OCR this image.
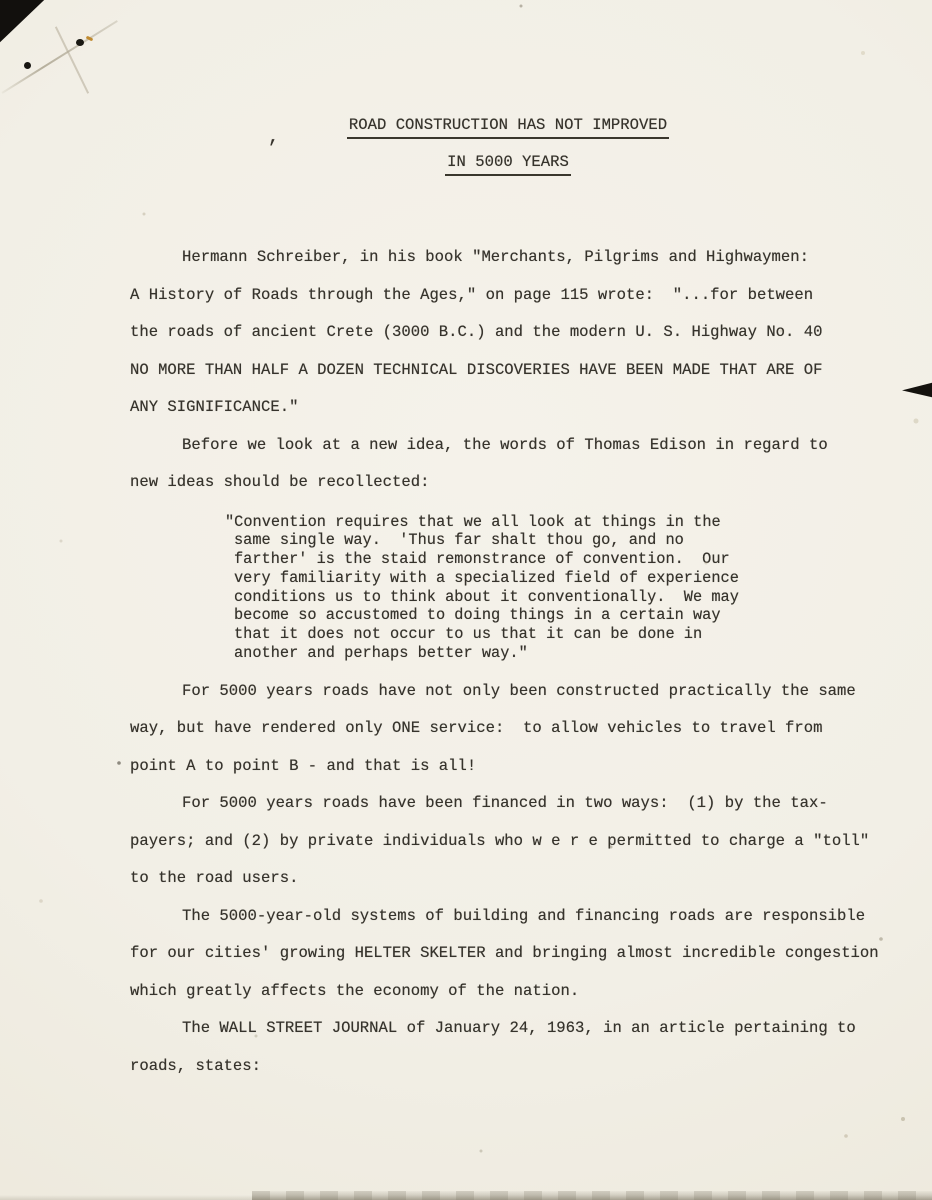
ROAD CONSTRUCTION HAS NOT IMPROVED
IN 5000 YEARS
Hermann Schreiber, in his book "Merchants, Pilgrims and Highwaymen:
A History of Roads through the Ages," on page 115 wrote:  "...for between
the roads of ancient Crete (3000 B.C.) and the modern U. S. Highway No. 40
NO MORE THAN HALF A DOZEN TECHNICAL DISCOVERIES HAVE BEEN MADE THAT ARE OF
ANY SIGNIFICANCE."
Before we look at a new idea, the words of Thomas Edison in regard to
new ideas should be recollected:
"Convention requires that we all look at things in the
same single way.  'Thus far shalt thou go, and no
farther' is the staid remonstrance of convention.  Our
very familiarity with a specialized field of experience
conditions us to think about it conventionally.  We may
become so accustomed to doing things in a certain way
that it does not occur to us that it can be done in
another and perhaps better way."
For 5000 years roads have not only been constructed practically the same
way, but have rendered only ONE service:  to allow vehicles to travel from
point A to point B - and that is all!
For 5000 years roads have been financed in two ways:  (1) by the tax-
payers; and (2) by private individuals who w e r e permitted to charge a "toll"
to the road users.
The 5000-year-old systems of building and financing roads are responsible
for our cities' growing HELTER SKELTER and bringing almost incredible congestion
which greatly affects the economy of the nation.
The WALL STREET JOURNAL of January 24, 1963, in an article pertaining to
roads, states:
,
